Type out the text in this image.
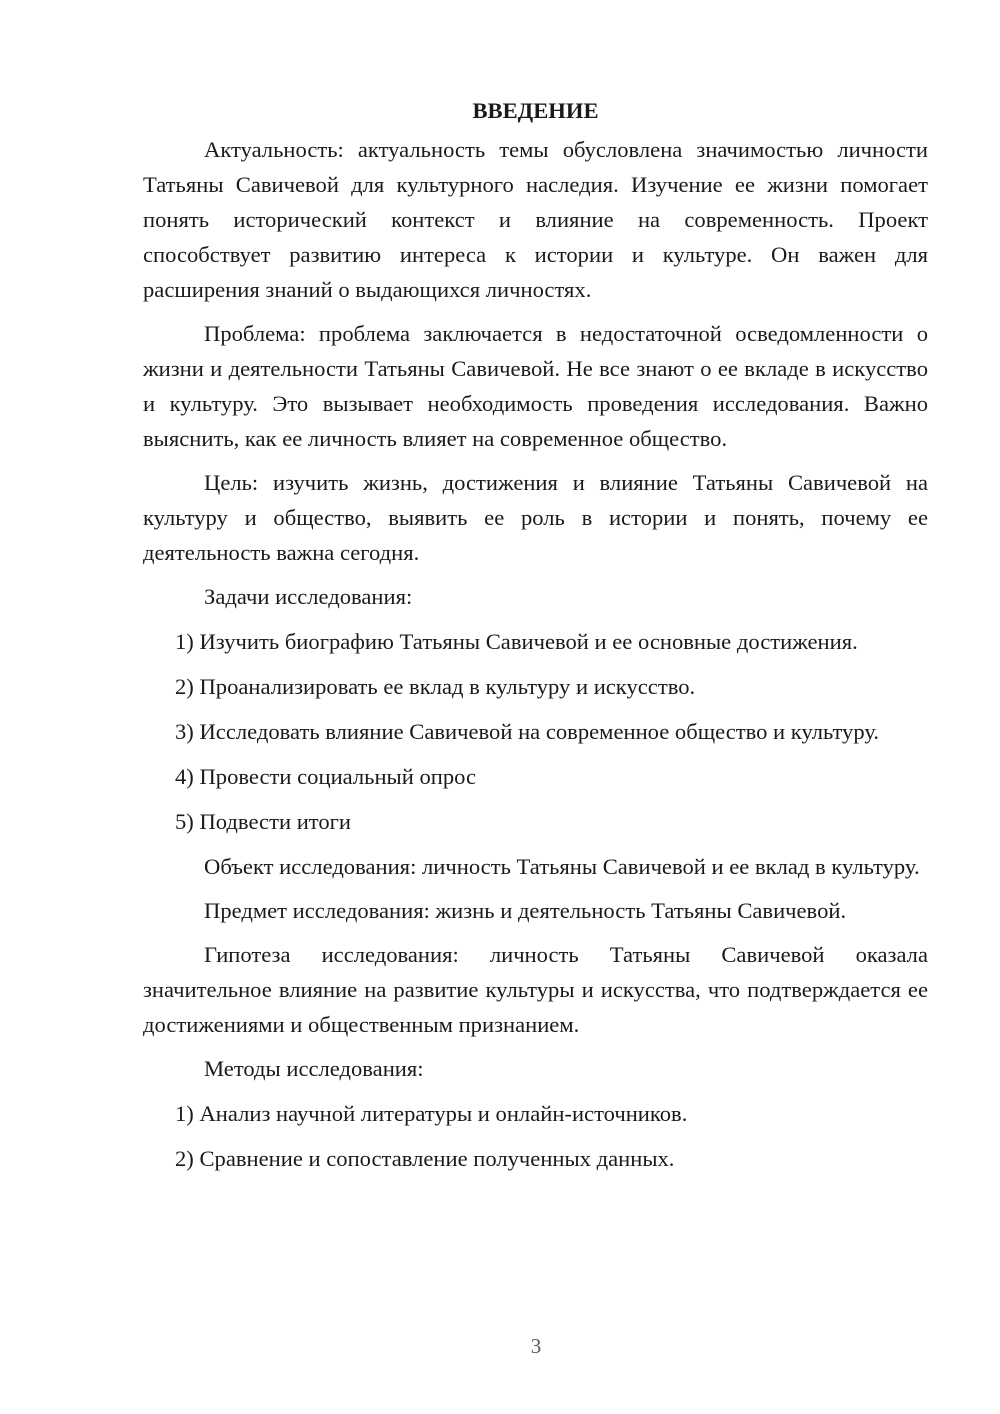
ВВЕДЕНИЕ

Актуальность: актуальность темы обусловлена значимостью личности Татьяны Савичевой для культурного наследия. Изучение ее жизни помогает понять исторический контекст и влияние на современность. Проект способствует развитию интереса к истории и культуре. Он важен для расширения знаний о выдающихся личностях.

Проблема: проблема заключается в недостаточной осведомленности о жизни и деятельности Татьяны Савичевой. Не все знают о ее вкладе в искусство и культуру. Это вызывает необходимость проведения исследования. Важно выяснить, как ее личность влияет на современное общество.

Цель: изучить жизнь, достижения и влияние Татьяны Савичевой на культуру и общество, выявить ее роль в истории и понять, почему ее деятельность важна сегодня.

Задачи исследования:

1) Изучить биографию Татьяны Савичевой и ее основные достижения.

2) Проанализировать ее вклад в культуру и искусство.

3) Исследовать влияние Савичевой на современное общество и культуру.

4) Провести социальный опрос

5) Подвести итоги

Объект исследования: личность Татьяны Савичевой и ее вклад в культуру.

Предмет исследования: жизнь и деятельность Татьяны Савичевой.

Гипотеза исследования: личность Татьяны Савичевой оказала значительное влияние на развитие культуры и искусства, что подтверждается ее достижениями и общественным признанием.

Методы исследования:

1) Анализ научной литературы и онлайн-источников.

2) Сравнение и сопоставление полученных данных.

3
